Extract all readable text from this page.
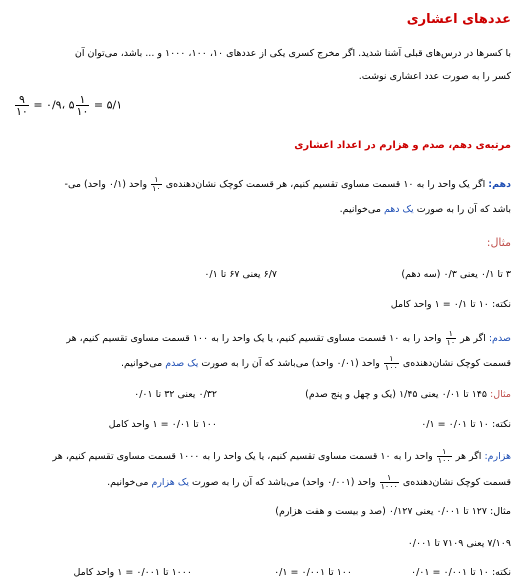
عددهای اعشاری
با کسرها در درس‌های قبلی آشنا شدید. اگر مخرج کسری یکی از عددهای ۱۰، ۱۰۰، ۱۰۰۰ و ... باشد، می‌توان آن
کسر را به صورت عدد اعشاری نوشت.
$\frac{۹}{۱۰}$ = ۰/۹، ۵ $\frac{۱}{۱۰}$ = ۵/۱
مرتبه‌ی دهم، صدم و هزارم در اعداد اعشاری
دهم: اگر یک واحد را به ۱۰ قسمت مساوی تقسیم کنیم، هر قسمت کوچک نشان‌دهنده‌ی
$\frac{۱}{۱۰}$
واحد (۰/۱ واحد) می-
باشد که آن را به صورت یک دهم می‌خوانیم.
مثال:
۳ تا ۰/۱ یعنی ۰/۳ (سه دهم)
۶/۷ یعنی ۶۷ تا ۰/۱
نکته: ۱۰ تا ۰/۱ = ۱ واحد کامل
صدم: اگر هر
$\frac{۱}{۱۰}$
واحد را به ۱۰ قسمت مساوی تقسیم کنیم، یا یک واحد را به ۱۰۰ قسمت مساوی تقسیم کنیم، هر
قسمت کوچک نشان‌دهنده‌ی
$\frac{۱}{۱۰۰}$
واحد (۰/۰۱ واحد) می‌باشد که آن را به صورت یک صدم می‌خوانیم.
مثال: ۱۴۵ تا ۰/۰۱ یعنی ۱/۴۵ (یک و چهل و پنج صدم)
۰/۳۲ یعنی ۳۲ تا ۰/۰۱
نکته: ۱۰ تا ۰/۰۱ = ۰/۱
۱۰۰ تا ۰/۰۱ = ۱ واحد کامل
هزارم: اگر هر
$\frac{۱}{۱۰۰}$
واحد را به ۱۰ قسمت مساوی تقسیم کنیم، یا یک واحد را به ۱۰۰۰ قسمت مساوی تقسیم کنیم، هر
قسمت کوچک نشان‌دهنده‌ی
$\frac{۱}{۱۰۰۰}$
واحد (۰/۰۰۱ واحد) می‌باشد که آن را به صورت یک هزارم می‌خوانیم.
مثال: ۱۲۷ تا ۰/۰۰۱ یعنی ۰/۱۲۷ (صد و بیست و هفت هزارم)
۷/۱۰۹ یعنی ۷۱۰۹ تا ۰/۰۰۱
نکته: ۱۰ تا ۰/۰۰۱ = ۰/۰۱
۱۰۰ تا ۰/۰۰۱ = ۰/۱
۱۰۰۰ تا ۰/۰۰۱ = ۱ واحد کامل
